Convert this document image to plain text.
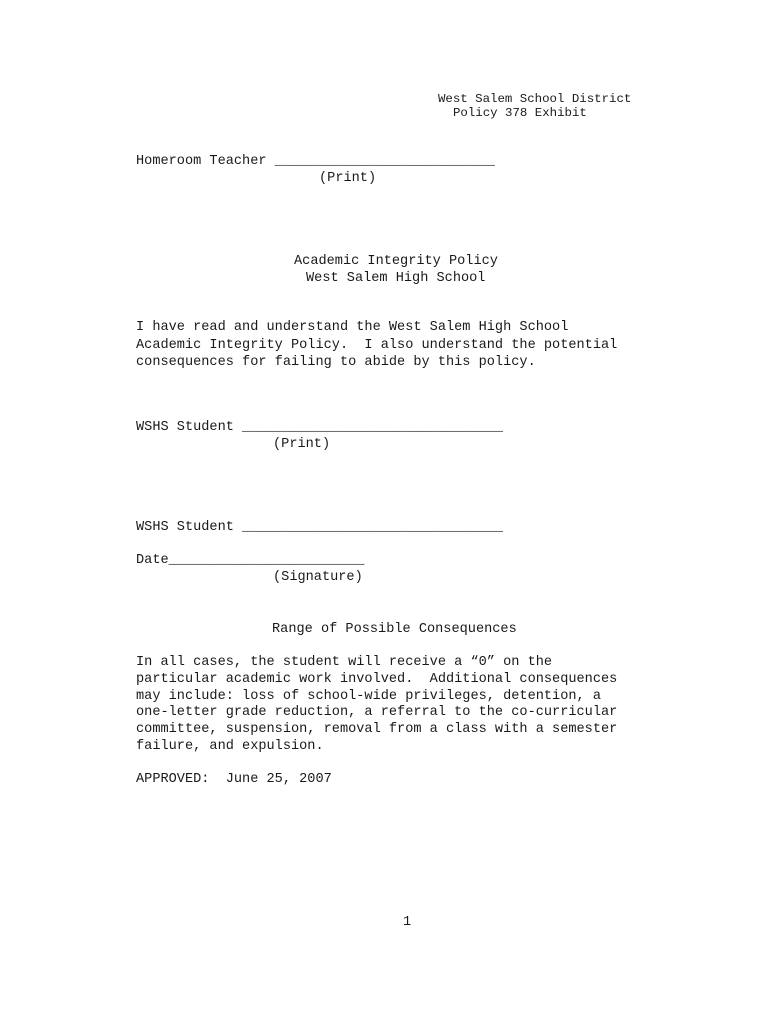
West Salem School District
Policy 378 Exhibit
Homeroom Teacher ___________________________
(Print)
Academic Integrity Policy
West Salem High School
I have read and understand the West Salem High School
Academic Integrity Policy.  I also understand the potential
consequences for failing to abide by this policy.
WSHS Student ________________________________
(Print)
WSHS Student ________________________________
Date________________________
(Signature)
Range of Possible Consequences
In all cases, the student will receive a “0” on the
particular academic work involved.  Additional consequences
may include: loss of school-wide privileges, detention, a
one-letter grade reduction, a referral to the co-curricular
committee, suspension, removal from a class with a semester
failure, and expulsion.
APPROVED:  June 25, 2007
1
